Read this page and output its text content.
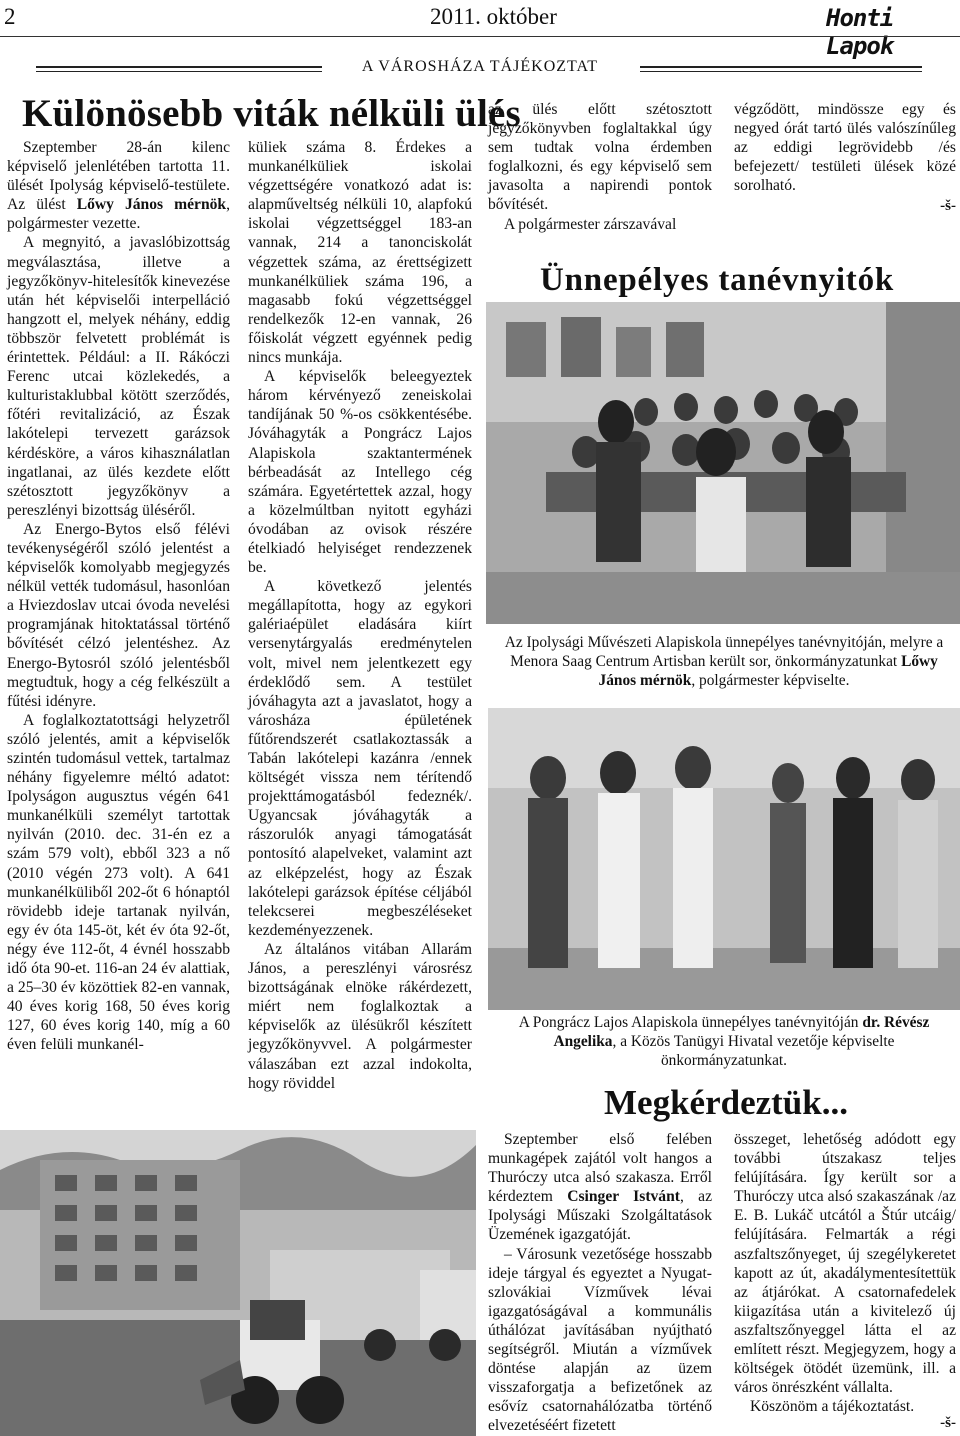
2	2011. október	Honti Lapok
A VÁROSHÁZA TÁJÉKOZTAT
Különösebb viták nélküli ülés

Szeptember 28-án kilenc képviselő jelenlétében tartotta 11. ülését Ipolyság képviselő-testülete. Az ülést Lőwy János mérnök, polgármester vezette.

A megnyitó, a javaslóbizottság megválasztása, illetve a jegyzőkönyv-hitelesítők kinevezése után hét képviselői interpelláció hangzott el, melyek néhány, eddig többször felvetett problémát is érintettek. Például: a II. Rákóczi Ferenc utcai közlekedés, a kulturistaklubbal kötött szerződés, főtéri revitalizáció, az Észak lakótelepi tervezett garázsok kérdésköre, a város kihasználatlan ingatlanai, az ülés kezdete előtt szétosztott jegyzőkönyv a pereszlényi bizottság üléséről.

Az Energo-Bytos első félévi tevékenységéről szóló jelentést a képviselők komolyabb megjegyzés nélkül vették tudomásul, hasonlóan a Hviezdoslav utcai óvoda nevelési programjának hitoktatással történő bővítését célzó jelentéshez. Az Energo-Bytosról szóló jelentésből megtudtuk, hogy a cég felkészült a fűtési idényre.

A foglalkoztatottsági helyzetről szóló jelentés, amit a képviselők szintén tudomásul vettek, tartalmaz néhány figyelemre méltó adatot: Ipolyságon augusztus végén 641 munkanélküli személyt tartottak nyilván (2010. dec. 31-én ez a szám 579 volt), ebből 323 a nő (2010 végén 273 volt). A 641 munkanélküliből 202-őt 6 hónaptól rövidebb ideje tartanak nyilván, egy év óta 145-öt, két év óta 92-őt, négy éve 112-őt, 4 évnél hosszabb idő óta 90-et. 116-an 24 év alattiak, a 25–30 év közöttiek 82-en vannak, 40 éves korig 168, 50 éves korig 127, 60 éves korig 140, míg a 60 éven felüli munkanél-

küliek száma 8. Érdekes a munkanélküliek iskolai végzettségére vonatkozó adat is: alapműveltség nélküli 10, alapfokú iskolai végzettséggel 183-an vannak, 214 a tanonciskolát végzettek száma, az érettségizett munkanélküliek száma 196, a magasabb fokú végzettséggel rendelkezők 12-en vannak, 26 főiskolát végzett egyénnek pedig nincs munkája.

A képviselők beleegyeztek három kérvényező zeneiskolai tandíjának 50 %-os csökkentésébe. Jóváhagyták a Pongrácz Lajos Alapiskola szaktantermének bérbeadását az Intellego cég számára. Egyetértettek azzal, hogy a közelmúltban nyitott egyházi óvodában az ovisok részére ételkiadó helyiséget rendezzenek be.

A következő jelentés megállapította, hogy az egykori galériaépület eladására kiírt versenytárgyalás eredménytelen volt, mivel nem jelentkezett egy érdeklődő sem. A testület jóváhagyta azt a javaslatot, hogy a városháza épületének fűtőrendszerét csatlakoztassák a Tabán lakótelepi kazánra /ennek költségét vissza nem térítendő projekttámogatásból fedeznék/. Ugyancsak jóváhagyták a rászorulók anyagi támogatását pontosító alapelveket, valamint azt az elképzelést, hogy az Észak lakótelepi garázsok építése céljából telekcserei megbeszéléseket kezdeményezzenek.

Az általános vitában Allarám János, a pereszlényi városrész bizottságának elnöke rákérdezett, miért nem foglalkoztak a képviselők az ülésükről készített jegyzőkönyvvel. A polgármester válaszában ezt azzal indokolta, hogy röviddel

az ülés előtt szétosztott jegyzőkönyvben foglaltakkal úgy sem tudtak volna érdemben foglalkozni, és egy képviselő sem javasolta a napirendi pontok bővítését.

A polgármester zárszavával

végződött, mindössze egy és negyed órát tartó ülés valószínűleg az eddigi legrövidebb /és befejezett/ testületi ülések közé sorolható.

-š-
Ünnepélyes tanévnyitók
Az Ipolysági Művészeti Alapiskola ünnepélyes tanévnyitóján, melyre a Menora Saag Centrum Artisban került sor, önkormányzatunkat Lőwy János mérnök, polgármester képviselte.
A Pongrácz Lajos Alapiskola ünnepélyes tanévnyitóján dr. Révész Angelika, a Közös Tanügyi Hivatal vezetője képviselte önkormányzatunkat.
Megkérdeztük...

Szeptember első felében munkagépek zajától volt hangos a Thuróczy utca alsó szakasza. Erről kérdeztem Csinger Istvánt, az Ipolysági Műszaki Szolgáltatások Üzemének igazgatóját.

– Városunk vezetősége hosszabb ideje tárgyal és egyeztet a Nyugat-szlovákiai Vízművek lévai igazgatóságával a kommunális úthálózat javításában nyújtható segítségről. Miután a vízművek döntése alapján az üzem visszaforgatja a befizetőnek az esővíz csatornahálózatba történő elvezetéséért fizetett

összeget, lehetőség adódott egy további útszakasz teljes felújítására. Így került sor a Thuróczy utca alsó szakaszának /az E. B. Lukáč utcától a Štúr utcáig/ felújítására. Felmarták a régi aszfaltszőnyeget, új szegélykeretet kapott az út, akadálymentesítettük az átjárókat. A csatornafedelek kiigazítása után a kivitelező új aszfaltszőnyeggel látta el az említett részt. Megjegyzem, hogy a költségek ötödét üzemünk, ill. a város önrészként vállalta.

Köszönöm a tájékoztatást.

-š-
